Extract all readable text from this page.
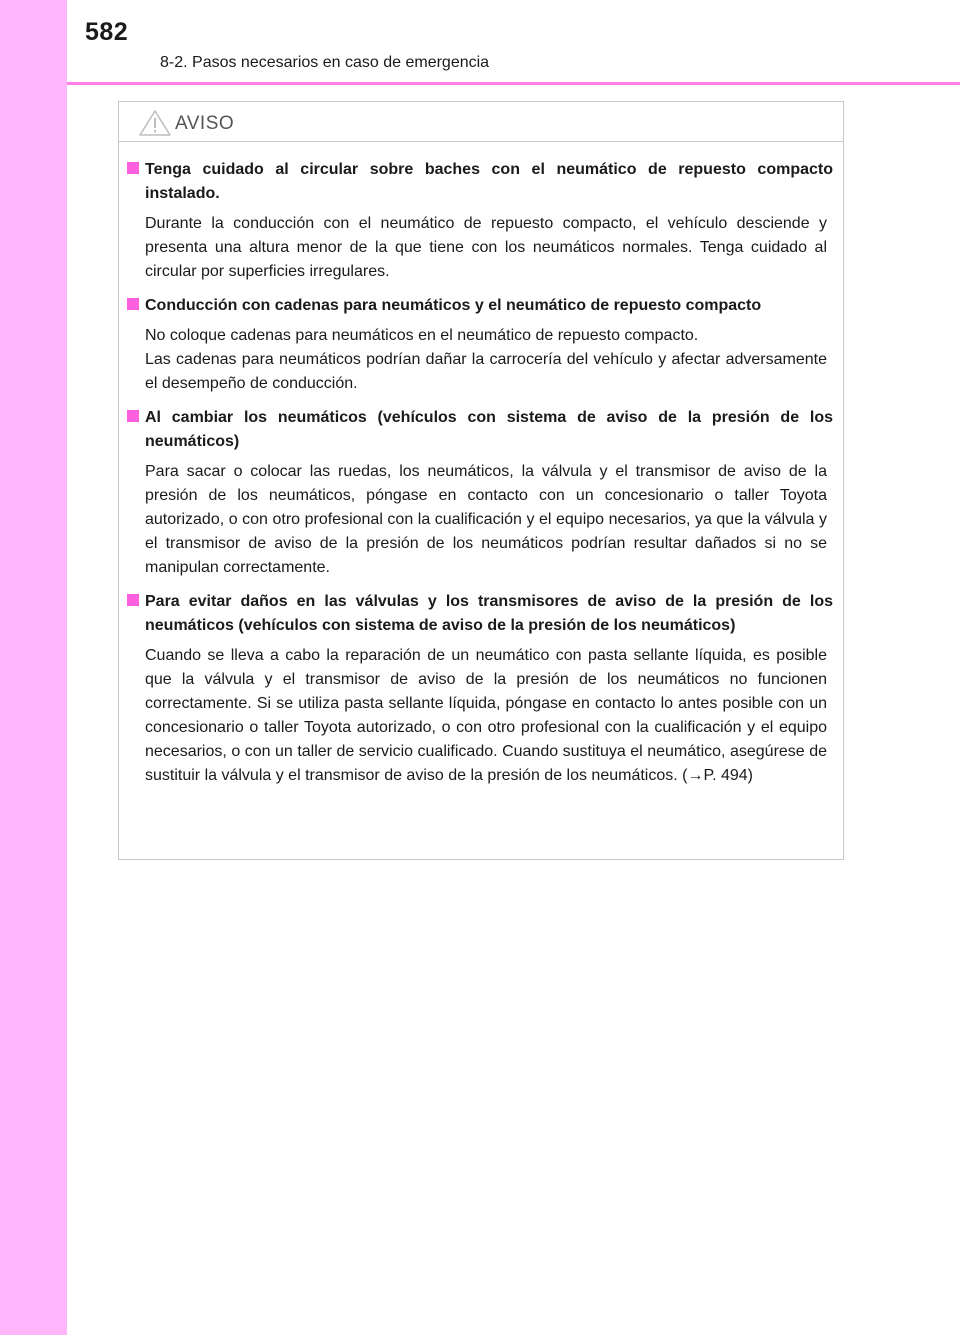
582
8-2. Pasos necesarios en caso de emergencia
AVISO
Tenga cuidado al circular sobre baches con el neumático de repuesto compacto instalado.

Durante la conducción con el neumático de repuesto compacto, el vehículo desciende y presenta una altura menor de la que tiene con los neumáticos normales. Tenga cuidado al circular por superficies irregulares.

Conducción con cadenas para neumáticos y el neumático de repuesto compacto

No coloque cadenas para neumáticos en el neumático de repuesto compacto.

Las cadenas para neumáticos podrían dañar la carrocería del vehículo y afectar adversamente el desempeño de conducción.

Al cambiar los neumáticos (vehículos con sistema de aviso de la presión de los neumáticos)

Para sacar o colocar las ruedas, los neumáticos, la válvula y el transmisor de aviso de la presión de los neumáticos, póngase en contacto con un concesionario o taller Toyota autorizado, o con otro profesional con la cualificación y el equipo necesarios, ya que la válvula y el transmisor de aviso de la presión de los neumáticos podrían resultar dañados si no se manipulan correctamente.

Para evitar daños en las válvulas y los transmisores de aviso de la presión de los neumáticos (vehículos con sistema de aviso de la presión de los neumáticos)

Cuando se lleva a cabo la reparación de un neumático con pasta sellante líquida, es posible que la válvula y el transmisor de aviso de la presión de los neumáticos no funcionen correctamente. Si se utiliza pasta sellante líquida, póngase en contacto lo antes posible con un concesionario o taller Toyota autorizado, o con otro profesional con la cualificación y el equipo necesarios, o con un taller de servicio cualificado. Cuando sustituya el neumático, asegúrese de sustituir la válvula y el transmisor de aviso de la presión de los neumáticos. (→P. 494)
